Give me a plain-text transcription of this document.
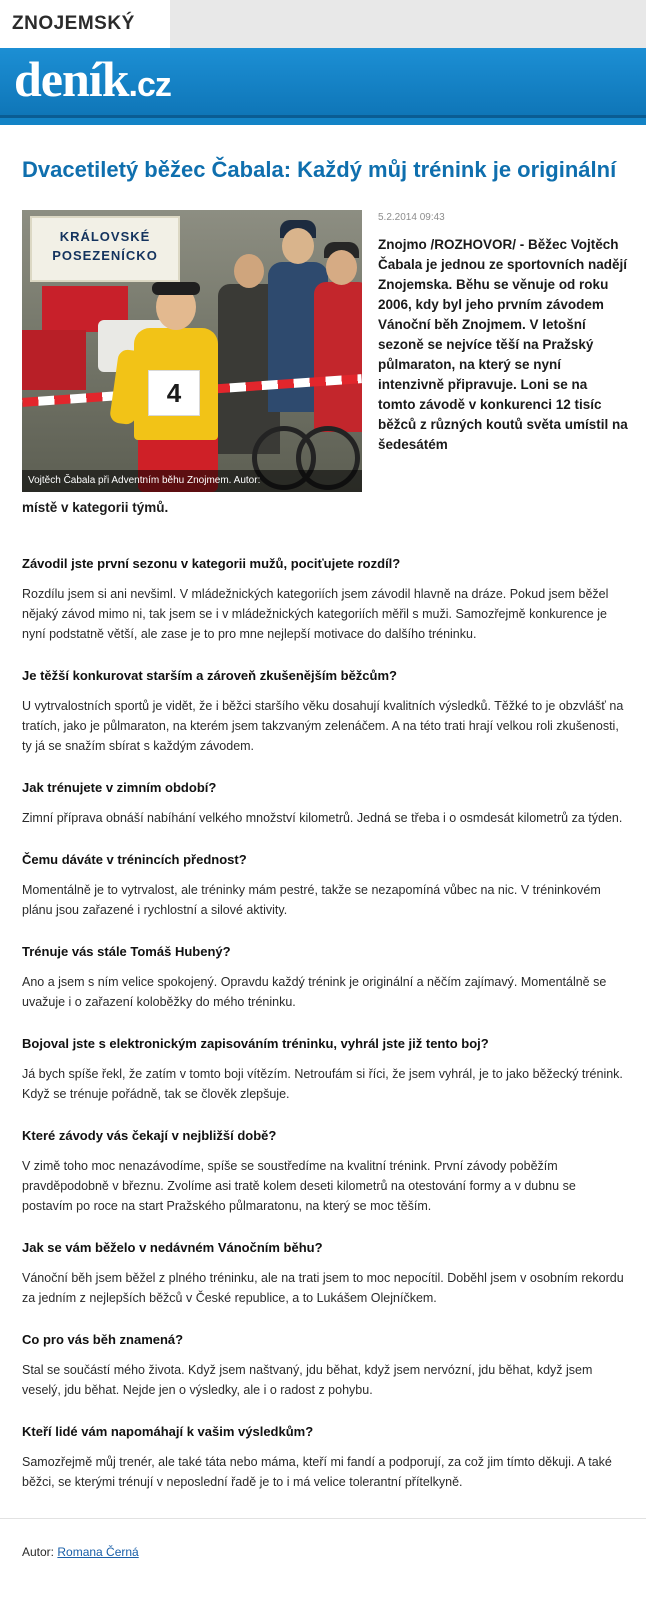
ZNOJEMSKÝ
deník.cz
Dvacetiletý běžec Čabala: Každý můj trénink je originální
KRÁLOVSKÉ POSEZENÍCKO
4
Vojtěch Čabala při Adventním běhu Znojmem. Autor:
5.2.2014 09:43
Znojmo /ROZHOVOR/ - Běžec Vojtěch Čabala je jednou ze sportovních nadějí Znojemska. Běhu se věnuje od roku 2006, kdy byl jeho prvním závodem Vánoční běh Znojmem. V letošní sezoně se nejvíce těší na Pražský půlmaraton, na který se nyní intenzivně připravuje. Loni se na tomto závodě v konkurenci 12 tisíc běžců z různých koutů světa umístil na šedesátém
místě v kategorii týmů.
Závodil jste první sezonu v kategorii mužů, pociťujete rozdíl?
Rozdílu jsem si ani nevšiml. V mládežnických kategoriích jsem závodil hlavně na dráze. Pokud jsem běžel nějaký závod mimo ni, tak jsem se i v mládežnických kategoriích měřil s muži. Samozřejmě konkurence je nyní podstatně větší, ale zase je to pro mne nejlepší motivace do dalšího tréninku.
Je těžší konkurovat starším a zároveň zkušenějším běžcům?
U vytrvalostních sportů je vidět, že i běžci staršího věku dosahují kvalitních výsledků. Těžké to je obzvlášť na tratích, jako je půlmaraton, na kterém jsem takzvaným zelenáčem. A na této trati hrají velkou roli zkušenosti, ty já se snažím sbírat s každým závodem.
Jak trénujete v zimním období?
Zimní příprava obnáší nabíhání velkého množství kilometrů. Jedná se třeba i o osmdesát kilometrů za týden.
Čemu dáváte v trénincích přednost?
Momentálně je to vytrvalost, ale tréninky mám pestré, takže se nezapomíná vůbec na nic. V tréninkovém plánu jsou zařazené i rychlostní a silové aktivity.
Trénuje vás stále Tomáš Hubený?
Ano a jsem s ním velice spokojený. Opravdu každý trénink je originální a něčím zajímavý. Momentálně se uvažuje i o zařazení koloběžky do mého tréninku.
Bojoval jste s elektronickým zapisováním tréninku, vyhrál jste již tento boj?
Já bych spíše řekl, že zatím v tomto boji vítězím. Netroufám si říci, že jsem vyhrál, je to jako běžecký trénink. Když se trénuje pořádně, tak se člověk zlepšuje.
Které závody vás čekají v nejbližší době?
V zimě toho moc nenazávodíme, spíše se soustředíme na kvalitní trénink. První závody poběžím pravděpodobně v březnu. Zvolíme asi tratě kolem deseti kilometrů na otestování formy a v dubnu se postavím po roce na start Pražského půlmaratonu, na který se moc těším.
Jak se vám běželo v nedávném Vánočním běhu?
Vánoční běh jsem běžel z plného tréninku, ale na trati jsem to moc nepocítil. Doběhl jsem v osobním rekordu za jedním z nejlepších běžců v České republice, a to Lukášem Olejníčkem.
Co pro vás běh znamená?
Stal se součástí mého života. Když jsem naštvaný, jdu běhat, když jsem nervózní, jdu běhat, když jsem veselý, jdu běhat. Nejde jen o výsledky, ale i o radost z pohybu.
Kteří lidé vám napomáhají k vašim výsledkům?
Samozřejmě můj trenér, ale také táta nebo máma, kteří mi fandí a podporují, za což jim tímto děkuji. A také běžci, se kterými trénují v neposlední řadě je to i má velice tolerantní přítelkyně.
Autor: Romana Černá
